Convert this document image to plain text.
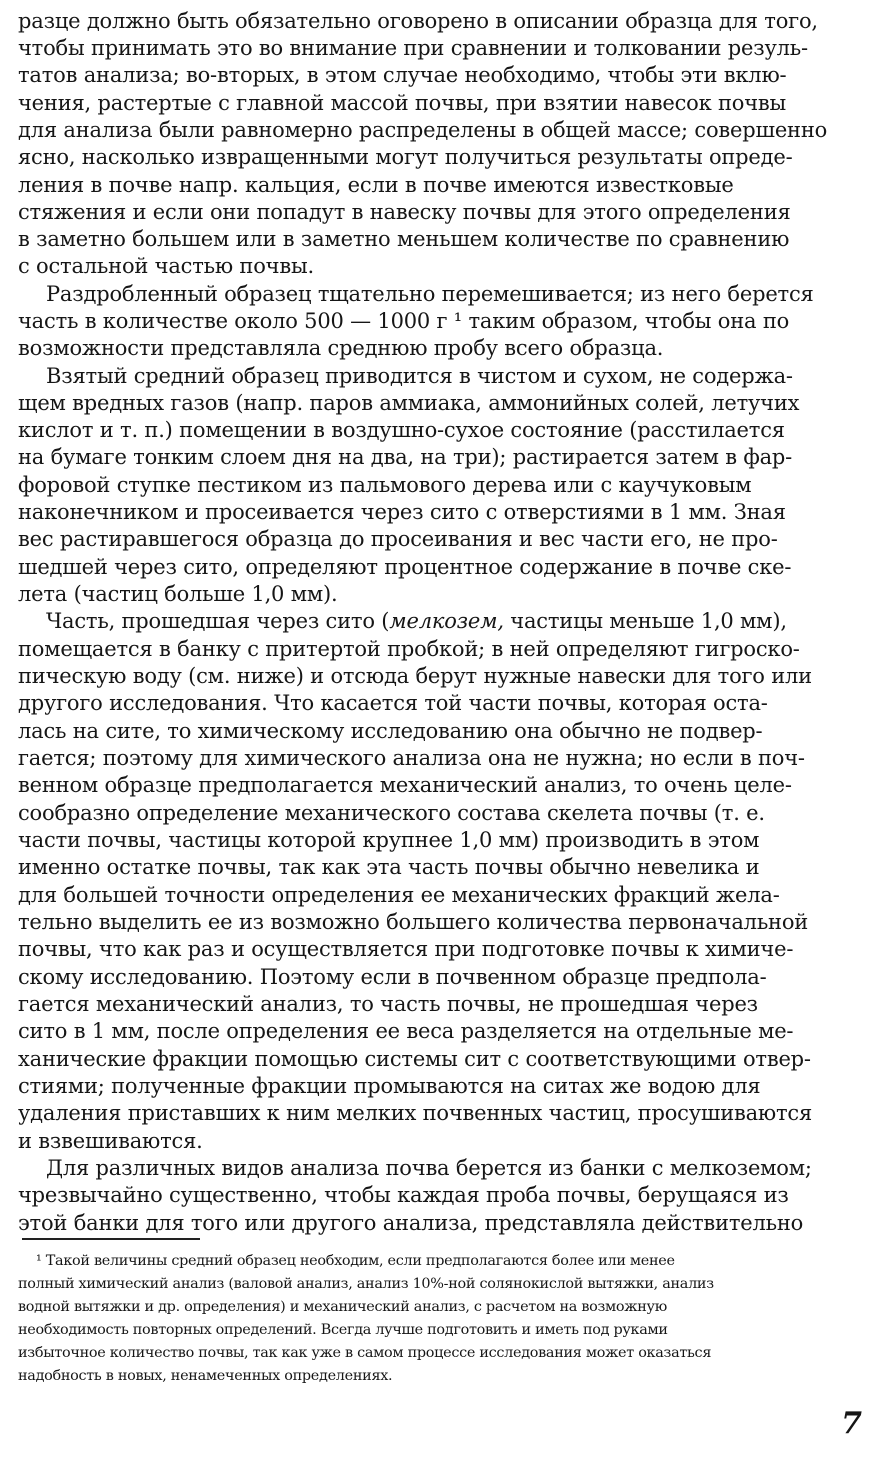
разце должно быть обязательно оговорено в описании образца для того,
чтобы принимать это во внимание при сравнении и толковании резуль-
татов анализа; во-вторых, в этом случае необходимо, чтобы эти вклю-
чения, растертые с главной массой почвы, при взятии навесок почвы
для анализа были равномерно распределены в общей массе; совершенно
ясно, насколько извращенными могут получиться результаты опреде-
ления в почве напр. кальция, если в почве имеются известковые
стяжения и если они попадут в навеску почвы для этого определения
в заметно большем или в заметно меньшем количестве по сравнению
с остальной частью почвы.
Раздробленный образец тщательно перемешивается; из него берется
часть в количестве около 500 — 1000 г ¹ таким образом, чтобы она по
возможности представляла среднюю пробу всего образца.
Взятый средний образец приводится в чистом и сухом, не содержа-
щем вредных газов (напр. паров аммиака, аммонийных солей, летучих
кислот и т. п.) помещении в воздушно-сухое состояние (расстилается
на бумаге тонким слоем дня на два, на три); растирается затем в фар-
форовой ступке пестиком из пальмового дерева или с каучуковым
наконечником и просеивается через сито с отверстиями в 1 мм. Зная
вес растиравшегося образца до просеивания и вес части его, не про-
шедшей через сито, определяют процентное содержание в почве ске-
лета (частиц больше 1,0 мм).
Часть, прошедшая через сито (мелкозем, частицы меньше 1,0 мм),
помещается в банку с притертой пробкой; в ней определяют гигроско-
пическую воду (см. ниже) и отсюда берут нужные навески для того или
другого исследования. Что касается той части почвы, которая оста-
лась на сите, то химическому исследованию она обычно не подвер-
гается; поэтому для химического анализа она не нужна; но если в поч-
венном образце предполагается механический анализ, то очень целе-
сообразно определение механического состава скелета почвы (т. е.
части почвы, частицы которой крупнее 1,0 мм) производить в этом
именно остатке почвы, так как эта часть почвы обычно невелика и
для большей точности определения ее механических фракций жела-
тельно выделить ее из возможно большего количества первоначальной
почвы, что как раз и осуществляется при подготовке почвы к химиче-
скому исследованию. Поэтому если в почвенном образце предпола-
гается механический анализ, то часть почвы, не прошедшая через
сито в 1 мм, после определения ее веса разделяется на отдельные ме-
ханические фракции помощью системы сит с соответствующими отвер-
стиями; полученные фракции промываются на ситах же водою для
удаления приставших к ним мелких почвенных частиц, просушиваются
и взвешиваются.
Для различных видов анализа почва берется из банки с мелкоземом;
чрезвычайно существенно, чтобы каждая проба почвы, берущаяся из
этой банки для того или другого анализа, представляла действительно
¹ Такой величины средний образец необходим, если предполагаются более или менее
полный химический анализ (валовой анализ, анализ 10%-ной солянокислой вытяжки, анализ
водной вытяжки и др. определения) и механический анализ, с расчетом на возможную
необходимость повторных определений. Всегда лучше подготовить и иметь под руками
избыточное количество почвы, так как уже в самом процессе исследования может оказаться
надобность в новых, ненамеченных определениях.
7
